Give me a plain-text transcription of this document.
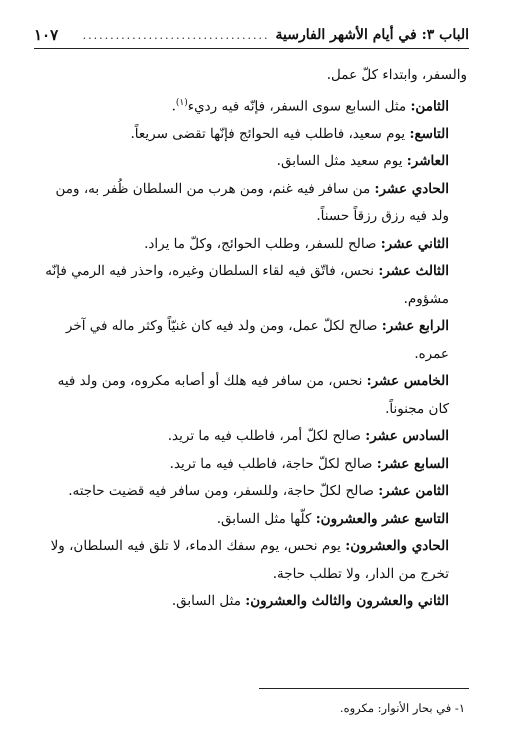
الباب ٣: في أيام الأشهر الفارسية
..................................
١٠٧

والسفر، وابتداء كلّ عمل.

الثامن: مثل السابع سوى السفر، فإنّه فيه رديء$^{(١)}$.

التاسع: يوم سعيد، فاطلب فيه الحوائج فإنّها تقضى سريعاً.

العاشر: يوم سعيد مثل السابق.

الحادي عشر: من سافر فيه غنم، ومن هرب من السلطان ظُفر به، ومن ولد فيه رزق رزقاً حسناً.

الثاني عشر: صالح للسفر، وطلب الحوائج، وكلّ ما يراد.

الثالث عشر: نحس، فاتّق فيه لقاء السلطان وغيره، واحذر فيه الرمي فإنّه مشؤوم.

الرابع عشر: صالح لكلّ عمل، ومن ولد فيه كان غنيّاً وكثر ماله في آخر عمره.

الخامس عشر: نحس، من سافر فيه هلك أو أصابه مكروه، ومن ولد فيه كان مجنوناً.

السادس عشر: صالح لكلّ أمر، فاطلب فيه ما تريد.

السابع عشر: صالح لكلّ حاجة، فاطلب فيه ما تريد.

الثامن عشر: صالح لكلّ حاجة، وللسفر، ومن سافر فيه قضيت حاجته.

التاسع عشر والعشرون: كلّها مثل السابق.

الحادي والعشرون: يوم نحس، يوم سفك الدماء، لا تلق فيه السلطان، ولا تخرج من الدار، ولا تطلب حاجة.

الثاني والعشرون والثالث والعشرون: مثل السابق.

١- في بحار الأنوار: مكروه.
